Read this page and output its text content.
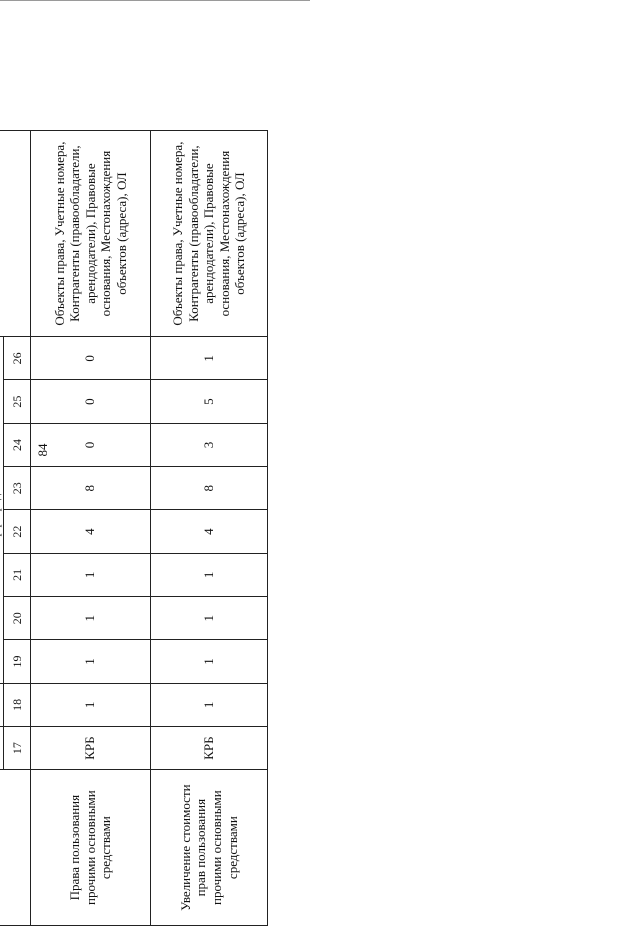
84

	17	18	19	20	21	22	23	24	25	26	
Права пользования прочими основными средствами	КРБ	1	1	1	1	4	8	0	0	0	Объекты права, Учетные номера, Контрагенты (правообладатели, арендодатели), Правовые основания, Местонахождения объектов (адреса), ОЛ
Увеличение стоимости прав пользования прочими основными средствами	КРБ	1	1	1	1	4	8	3	5	1	Объекты права, Учетные номера, Контрагенты (правообладатели, арендодатели), Правовые основания, Местонахождения объектов (адреса), ОЛ
